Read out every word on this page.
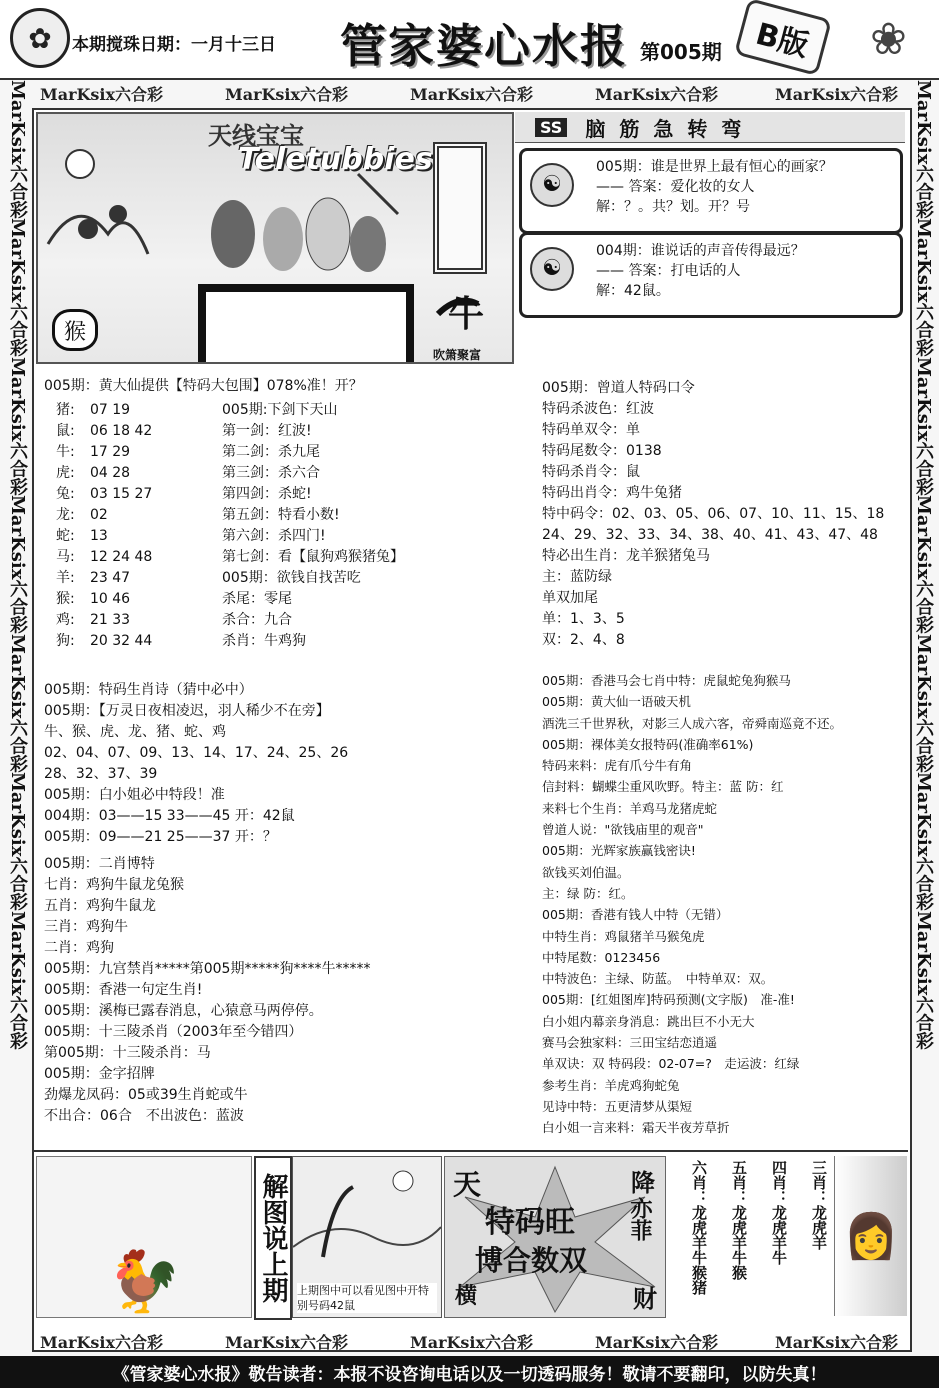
✿ 本期搅珠日期：一月十三日 管家婆心水报 第005期	B版	❀
MarKsix六合彩	MarKsix六合彩	MarKsix六合彩	MarKsix六合彩	MarKsix六合彩
MarKsix六合彩
MarKsix六合彩
MarKsix六合彩
MarKsix六合彩
MarKsix六合彩
MarKsix六合彩
MarKsix六合彩
MarKsix六合彩
MarKsix六合彩
MarKsix六合彩
MarKsix六合彩
MarKsix六合彩
MarKsix六合彩
MarKsix六合彩
天线宝宝
Teletubbies
猴	牛
吹箫聚富
SS 脑筋急转弯
☯
005期：谁是世界上最有恒心的画家？
—— 答案：爱化妆的女人
解：？。共？划。开？号
☯
004期：谁说话的声音传得最远？
—— 答案：打电话的人
解：42鼠。
005期：黄大仙提供【特码大包围】078%准！开？
猪: 07 19
鼠: 06 18 42
牛: 17 29
虎: 04 28
兔: 03 15 27
龙: 02
蛇: 13
马: 12 24 48
羊: 23 47
猴: 10 46
鸡: 21 33
狗: 20 32 44
005期:下剑下天山
第一剑：红波!
第二剑：杀九尾
第三剑：杀六合
第四剑：杀蛇!
第五剑：特看小数!
第六剑：杀四门!
第七剑：看【鼠狗鸡猴猪兔】
005期：欲钱自找苦吃
杀尾：零尾
杀合：九合
杀肖：牛鸡狗
005期：特码生肖诗（猜中必中）
005期：【万灵日夜相凌迟，羽人稀少不在旁】
牛、猴、虎、龙、猪、蛇、鸡
02、04、07、09、13、14、17、24、25、26
28、32、37、39
005期：白小姐必中特段！准
004期：03——15 33——45 开：42鼠
005期：09——21 25——37 开：？
005期：二肖博特
七肖：鸡狗牛鼠龙兔猴
五肖：鸡狗牛鼠龙
三肖：鸡狗牛
二肖：鸡狗
005期：九宫禁肖*****第005期*****狗****牛*****
005期：香港一句定生肖!
005期：溪梅已露春消息，心猿意马两停停。
005期：十三陵杀肖（2003年至今错四）
第005期：十三陵杀肖：马
005期：金字招牌
劲爆龙凤码：05或39生肖蛇或牛
不出合：06合　不出波色：蓝波
005期：曾道人特码口令
特码杀波色：红波
特码单双令：单
特码尾数令：0138
特码杀肖令：鼠
特码出肖令：鸡牛兔猪
特中码令：02、03、05、06、07、10、11、15、18
24、29、32、33、34、38、40、41、43、47、48
特必出生肖：龙羊猴猪兔马
主：蓝防绿
单双加尾
单：1、3、5
双：2、4、8
005期：香港马会七肖中特：虎鼠蛇兔狗猴马
005期：黄大仙一语破天机
酒洗三千世界秋，对影三人成六客，帝舜南巡竟不还。
005期：裸体美女报特码(准确率61%)
特码来料：虎有爪兮牛有角
信封料：蝴蝶尘重风吹野。特主：蓝 防：红
来料七个生肖：羊鸡马龙猪虎蛇
曾道人说："欲钱庙里的观音"
005期：光辉家族赢钱密诀!
欲钱买刘伯温。
主：绿 防：红。
005期：香港有钱人中特（无错）
中特生肖：鸡鼠猪羊马猴兔虎
中特尾数：0123456
中特波色：主绿、防蓝。　中特单双：双。
005期：[红姐图库]特码预测(文字版)　准-准!
白小姐内幕亲身消息：跳出巨不小无大
赛马会独家料：三田宝结恋逍遥
单双诀：双 特码段：02-07=?　走运波：红绿
参考生肖：羊虎鸡狗蛇兔
见诗中特：五更清梦从渠短
白小姐一言来料：霜天半夜芳草折
🐓	解图说上期 上期图中可以看见图中开特别号码42鼠
天
特码旺
博合数双
横
降
亦菲
财
三肖：龙虎羊
四肖：龙虎羊牛
五肖：龙虎羊牛猴
六肖：龙虎羊牛猴猪	👩
MarKsix六合彩	MarKsix六合彩	MarKsix六合彩	MarKsix六合彩	MarKsix六合彩
《管家婆心水报》敬告读者：本报不设咨询电话以及一切透码服务！敬请不要翻印，以防失真！
